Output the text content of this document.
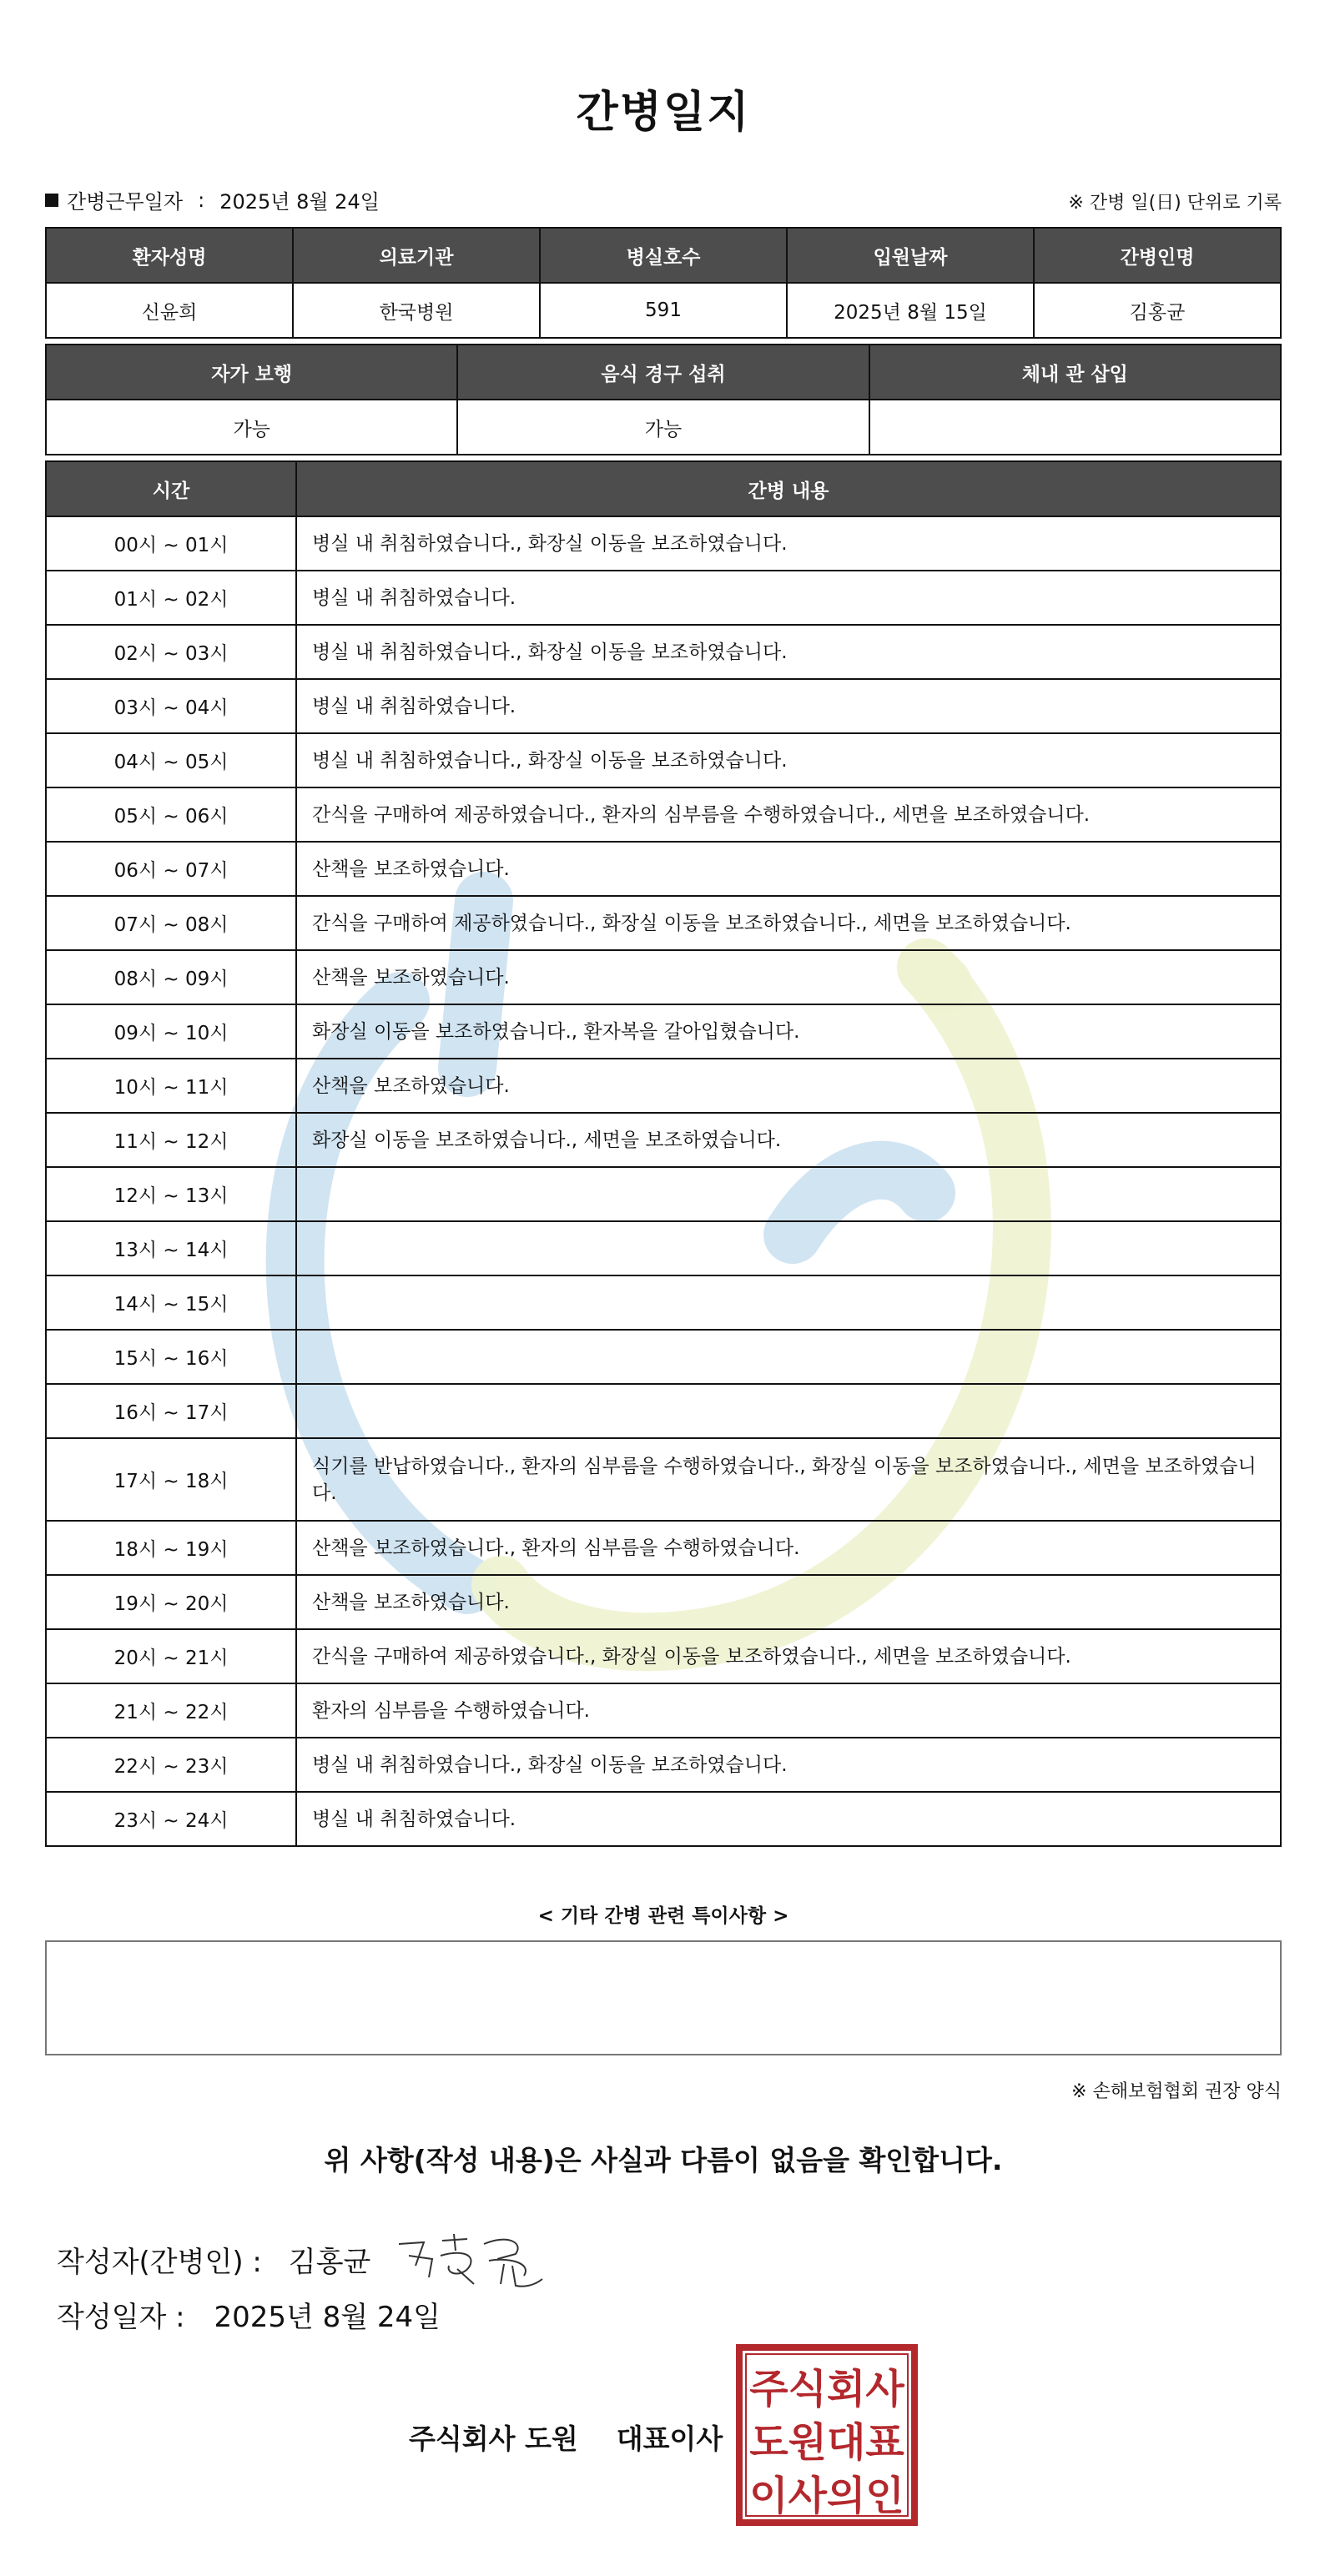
간병일지
간병근무일자 : 2025년 8월 24일	※ 간병 일(日) 단위로 기록
환자성명	의료기관	병실호수	입원날짜	간병인명
신윤희	한국병원	591	2025년 8월 15일	김홍균
자가 보행	음식 경구 섭취	체내 관 삽입
가능	가능	
시간	간병 내용
00시 ~ 01시	병실 내 취침하였습니다., 화장실 이동을 보조하였습니다.
01시 ~ 02시	병실 내 취침하였습니다.
02시 ~ 03시	병실 내 취침하였습니다., 화장실 이동을 보조하였습니다.
03시 ~ 04시	병실 내 취침하였습니다.
04시 ~ 05시	병실 내 취침하였습니다., 화장실 이동을 보조하였습니다.
05시 ~ 06시	간식을 구매하여 제공하였습니다., 환자의 심부름을 수행하였습니다., 세면을 보조하였습니다.
06시 ~ 07시	산책을 보조하였습니다.
07시 ~ 08시	간식을 구매하여 제공하였습니다., 화장실 이동을 보조하였습니다., 세면을 보조하였습니다.
08시 ~ 09시	산책을 보조하였습니다.
09시 ~ 10시	화장실 이동을 보조하였습니다., 환자복을 갈아입혔습니다.
10시 ~ 11시	산책을 보조하였습니다.
11시 ~ 12시	화장실 이동을 보조하였습니다., 세면을 보조하였습니다.
12시 ~ 13시	
13시 ~ 14시	
14시 ~ 15시	
15시 ~ 16시	
16시 ~ 17시	
17시 ~ 18시	식기를 반납하였습니다., 환자의 심부름을 수행하였습니다., 화장실 이동을 보조하였습니다., 세면을 보조하였습니다.
18시 ~ 19시	산책을 보조하였습니다., 환자의 심부름을 수행하였습니다.
19시 ~ 20시	산책을 보조하였습니다.
20시 ~ 21시	간식을 구매하여 제공하였습니다., 화장실 이동을 보조하였습니다., 세면을 보조하였습니다.
21시 ~ 22시	환자의 심부름을 수행하였습니다.
22시 ~ 23시	병실 내 취침하였습니다., 화장실 이동을 보조하였습니다.
23시 ~ 24시	병실 내 취침하였습니다.
< 기타 간병 관련 특이사항 >
※ 손해보험협회 권장 양식
위 사항(작성 내용)은 사실과 다름이 없음을 확인합니다.
작성자(간병인) : 김홍균
작성일자 : 2025년 8월 24일
주식회사 도원    대표이사
주식회사
도원대표
이사의인
